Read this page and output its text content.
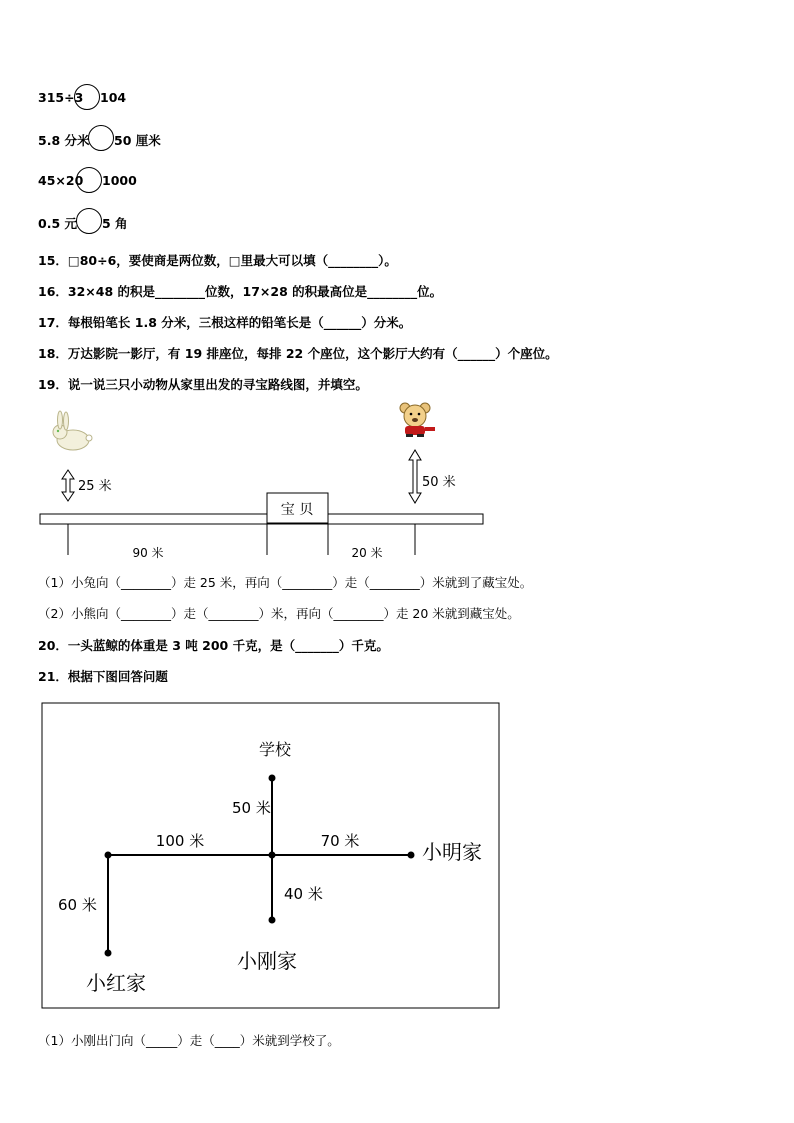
315÷3 104
5.8 分米 50 厘米
45×20 1000
0.5 元 5 角
15．□80÷6，要使商是两位数，□里最大可以填（________）。
16．32×48 的积是________位数，17×28 的积最高位是________位。
17．每根铅笔长 1.8 分米，三根这样的铅笔长是（______）分米。
18．万达影院一影厅，有 19 排座位，每排 22 个座位，这个影厅大约有（______）个座位。
19．说一说三只小动物从家里出发的寻宝路线图，并填空。
25 米	50 米
宝 贝
90 米	20 米
（1）小兔向（________）走 25 米，再向（________）走（________）米就到了藏宝处。
（2）小熊向（________）走（________）米，再向（________）走 20 米就到藏宝处。
20．一头蓝鲸的体重是 3 吨 200 千克，是（_______）千克。
21．根据下图回答问题
学校
小明家
小刚家
小红家
50 米
100 米	70 米
40 米
60 米
（1）小刚出门向（_____）走（____）米就到学校了。
